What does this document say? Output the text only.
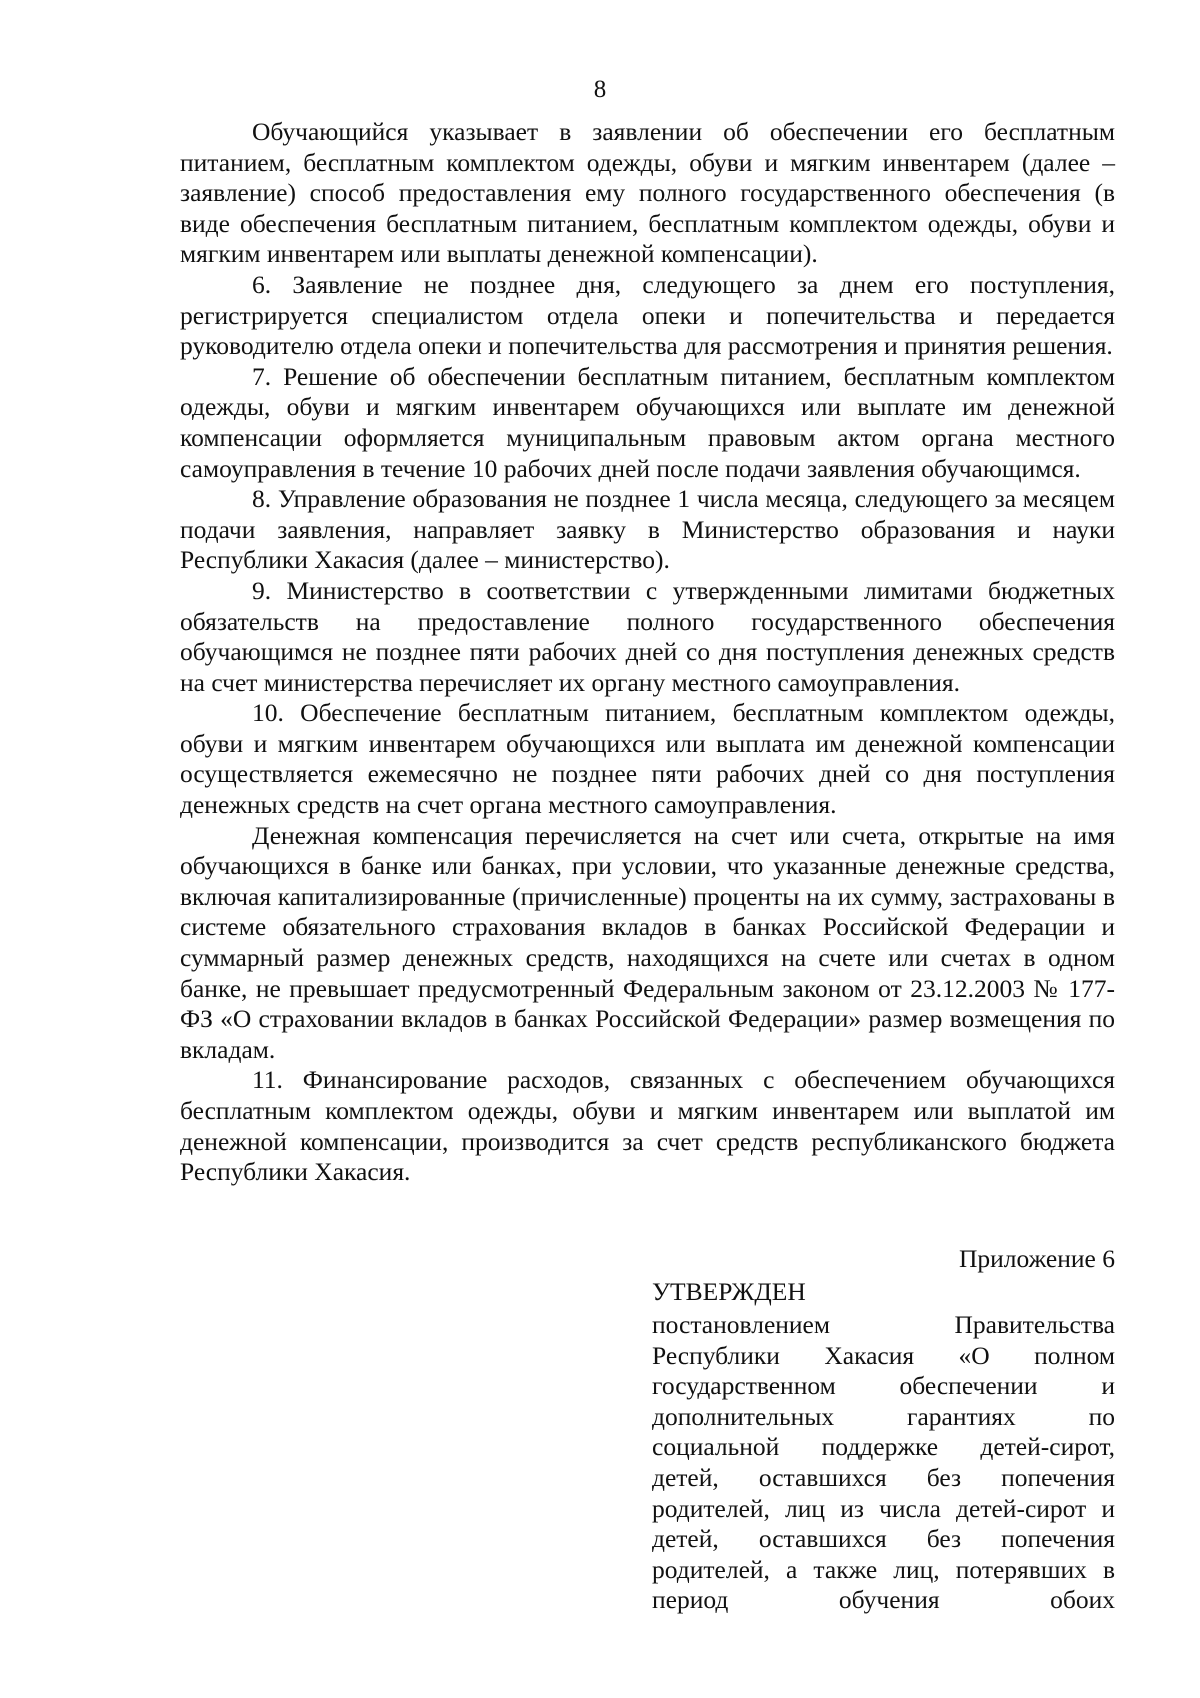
8

Обучающийся указывает в заявлении об обеспечении его бесплатным питанием, бесплатным комплектом одежды, обуви и мягким инвентарем (далее – заявление) способ предоставления ему полного государственного обеспечения (в виде обеспечения бесплатным питанием, бесплатным комплектом одежды, обуви и мягким инвентарем или выплаты денежной компенсации).

6. Заявление не позднее дня, следующего за днем его поступления, регистрируется специалистом отдела опеки и попечительства и передается руководителю отдела опеки и попечительства для рассмотрения и принятия решения.

7. Решение об обеспечении бесплатным питанием, бесплатным комплектом одежды, обуви и мягким инвентарем обучающихся или выплате им денежной компенсации оформляется муниципальным правовым актом органа местного самоуправления в течение 10 рабочих дней после подачи заявления обучающимся.

8. Управление образования не позднее 1 числа месяца, следующего за месяцем подачи заявления, направляет заявку в Министерство образования и науки Республики Хакасия (далее – министерство).

9. Министерство в соответствии с утвержденными лимитами бюджетных обязательств на предоставление полного государственного обеспечения обучающимся не позднее пяти рабочих дней со дня поступления денежных средств на счет министерства перечисляет их органу местного самоуправления.

10. Обеспечение бесплатным питанием, бесплатным комплектом одежды, обуви и мягким инвентарем обучающихся или выплата им денежной компенсации осуществляется ежемесячно не позднее пяти рабочих дней со дня поступления денежных средств на счет органа местного самоуправления.

Денежная компенсация перечисляется на счет или счета, открытые на имя обучающихся в банке или банках, при условии, что указанные денежные средства, включая капитализированные (причисленные) проценты на их сумму, застрахованы в системе обязательного страхования вкладов в банках Российской Федерации и суммарный размер денежных средств, находящихся на счете или счетах в одном банке, не превышает предусмотренный Федеральным законом от 23.12.2003 № 177-ФЗ «О страховании вкладов в банках Российской Федерации» размер возмещения по вкладам.

11. Финансирование расходов, связанных с обеспечением обучающихся бесплатным комплектом одежды, обуви и мягким инвентарем или выплатой им денежной компенсации, производится за счет средств республиканского бюджета Республики Хакасия.

Приложение 6

УТВЕРЖДЕН

постановлением Правительства Республики Хакасия «О полном государственном обеспечении и дополнительных гарантиях по социальной поддержке детей-сирот, детей, оставшихся без попечения родителей, лиц из числа детей-сирот и детей, оставшихся без попечения родителей, а также лиц, потерявших в период обучения обоих
